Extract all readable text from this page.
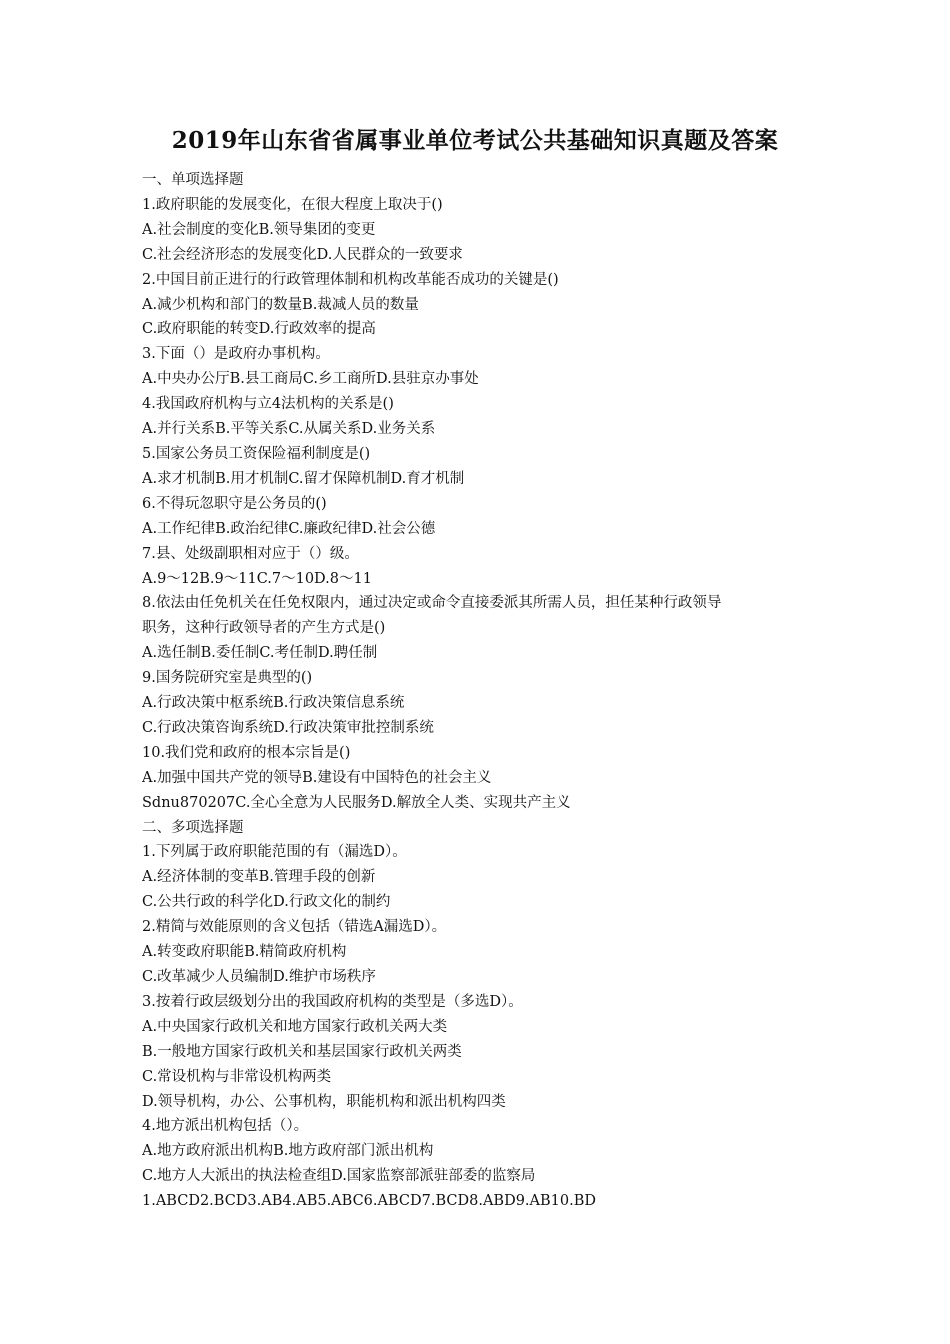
2019年山东省省属事业单位考试公共基础知识真题及答案
一、单项选择题
1.政府职能的发展变化，在很大程度上取决于()
A.社会制度的变化B.领导集团的变更
C.社会经济形态的发展变化D.人民群众的一致要求
2.中国目前正进行的行政管理体制和机构改革能否成功的关键是()
A.减少机构和部门的数量B.裁减人员的数量
C.政府职能的转变D.行政效率的提高
3.下面（）是政府办事机构。
A.中央办公厅B.县工商局C.乡工商所D.县驻京办事处
4.我国政府机构与立4法机构的关系是()
A.并行关系B.平等关系C.从属关系D.业务关系
5.国家公务员工资保险福利制度是()
A.求才机制B.用才机制C.留才保障机制D.育才机制
6.不得玩忽职守是公务员的()
A.工作纪律B.政治纪律C.廉政纪律D.社会公德
7.县、处级副职相对应于（）级。
A.9～12B.9～11C.7～10D.8～11
8.依法由任免机关在任免权限内，通过决定或命令直接委派其所需人员，担任某种行政领导
职务，这种行政领导者的产生方式是()
A.选任制B.委任制C.考任制D.聘任制
9.国务院研究室是典型的()
A.行政决策中枢系统B.行政决策信息系统
C.行政决策咨询系统D.行政决策审批控制系统
10.我们党和政府的根本宗旨是()
A.加强中国共产党的领导B.建设有中国特色的社会主义
Sdnu870207C.全心全意为人民服务D.解放全人类、实现共产主义
二、多项选择题
1.下列属于政府职能范围的有（漏选D）。
A.经济体制的变革B.管理手段的创新
C.公共行政的科学化D.行政文化的制约
2.精简与效能原则的含义包括（错选A漏选D）。
A.转变政府职能B.精简政府机构
C.改革减少人员编制D.维护市场秩序
3.按着行政层级划分出的我国政府机构的类型是（多选D）。
A.中央国家行政机关和地方国家行政机关两大类
B.一般地方国家行政机关和基层国家行政机关两类
C.常设机构与非常设机构两类
D.领导机构，办公、公事机构，职能机构和派出机构四类
4.地方派出机构包括（）。
A.地方政府派出机构B.地方政府部门派出机构
C.地方人大派出的执法检查组D.国家监察部派驻部委的监察局
1.ABCD2.BCD3.AB4.AB5.ABC6.ABCD7.BCD8.ABD9.AB10.BD
